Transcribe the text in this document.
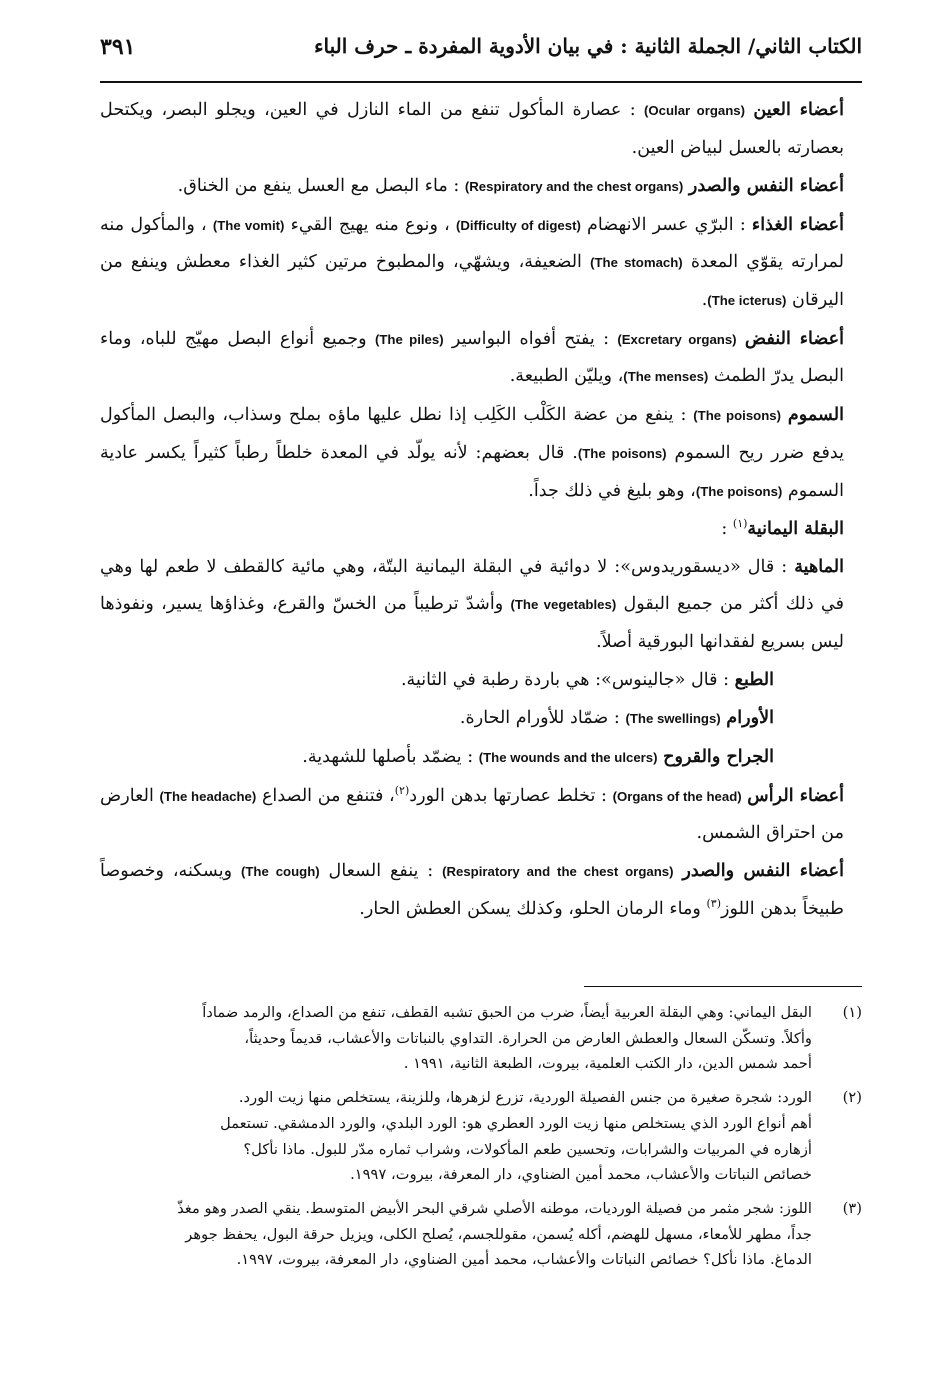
الكتاب الثاني/ الجملة الثانية : في بيان الأدوية المفردة ـ حرف الباء
٣٩١

أعضاء العين (Ocular organs) : عصارة المأكول تنفع من الماء النازل في العين، ويجلو البصر، ويكتحل بعصارته بالعسل لبياض العين.

أعضاء النفس والصدر (Respiratory and the chest organs) : ماء البصل مع العسل ينفع من الخناق.

أعضاء الغذاء : البرّي عسر الانهضام (Difficulty of digest) ، ونوع منه يهيج القيء (The vomit) ، والمأكول منه لمرارته يقوّي المعدة (The stomach) الضعيفة، ويشهّي، والمطبوخ مرتين كثير الغذاء معطش وينفع من اليرقان (The icterus).

أعضاء النفض (Excretary organs) : يفتح أفواه البواسير (The piles) وجميع أنواع البصل مهيّج للباه، وماء البصل يدرّ الطمث (The menses)، ويليّن الطبيعة.

السموم (The poisons) : ينفع من عضة الكَلْب الكَلِب إذا نطل عليها ماؤه بملح وسذاب، والبصل المأكول يدفع ضرر ريح السموم (The poisons). قال بعضهم: لأنه يولّد في المعدة خلطاً رطباً كثيراً يكسر عادية السموم (The poisons)، وهو بليغ في ذلك جداً.

البقلة اليمانية$^{(١)}$ :

الماهية : قال «ديسقوريدوس»: لا دوائية في البقلة اليمانية البتّة، وهي مائية كالقطف لا طعم لها وهي في ذلك أكثر من جميع البقول (The vegetables) وأشدّ ترطيباً من الخسّ والقرع، وغذاؤها يسير، ونفوذها ليس بسريع لفقدانها البورقية أصلاً.

الطبع : قال «جالينوس»: هي باردة رطبة في الثانية.

الأورام (The swellings) : ضمّاد للأورام الحارة.

الجراح والقروح (The wounds and the ulcers) : يضمّد بأصلها للشهدية.

أعضاء الرأس (Organs of the head) : تخلط عصارتها بدهن الورد$^{(٢)}$، فتنفع من الصداع (The headache) العارض من احتراق الشمس.

أعضاء النفس والصدر (Respiratory and the chest organs) : ينفع السعال (The cough) ويسكنه، وخصوصاً طبيخاً بدهن اللوز$^{(٣)}$ وماء الرمان الحلو، وكذلك يسكن العطش الحار.

(١)
البقل اليماني: وهي البقلة العربية أيضاً، ضرب من الحبق تشبه القطف، تنفع من الصداع، والرمد ضماداً
وأكلاً. وتسكّن السعال والعطش العارض من الحرارة. التداوي بالنباتات والأعشاب، قديماً وحديثاً،
أحمد شمس الدين، دار الكتب العلمية، بيروت، الطبعة الثانية، ١٩٩١ .
(٢)
الورد: شجرة صغيرة من جنس الفصيلة الوردية، تزرع لزهرها، وللزينة، يستخلص منها زيت الورد.
أهم أنواع الورد الذي يستخلص منها زيت الورد العطري هو: الورد البلدي، والورد الدمشقي. تستعمل
أزهاره في المربيات والشرابات، وتحسين طعم المأكولات، وشراب ثماره مدّر للبول. ماذا نأكل؟
خصائص النباتات والأعشاب، محمد أمين الضناوي، دار المعرفة، بيروت، ١٩٩٧.
(٣)
اللوز: شجر مثمر من فصيلة الورديات، موطنه الأصلي شرقي البحر الأبيض المتوسط. ينقي الصدر وهو مغذّ
جداً، مطهر للأمعاء، مسهل للهضم، أكله يُسمن، مقوللجسم، يُصلح الكلى، ويزيل حرقة البول، يحفظ جوهر
الدماغ. ماذا نأكل؟ خصائص النباتات والأعشاب، محمد أمين الضناوي، دار المعرفة، بيروت، ١٩٩٧.
